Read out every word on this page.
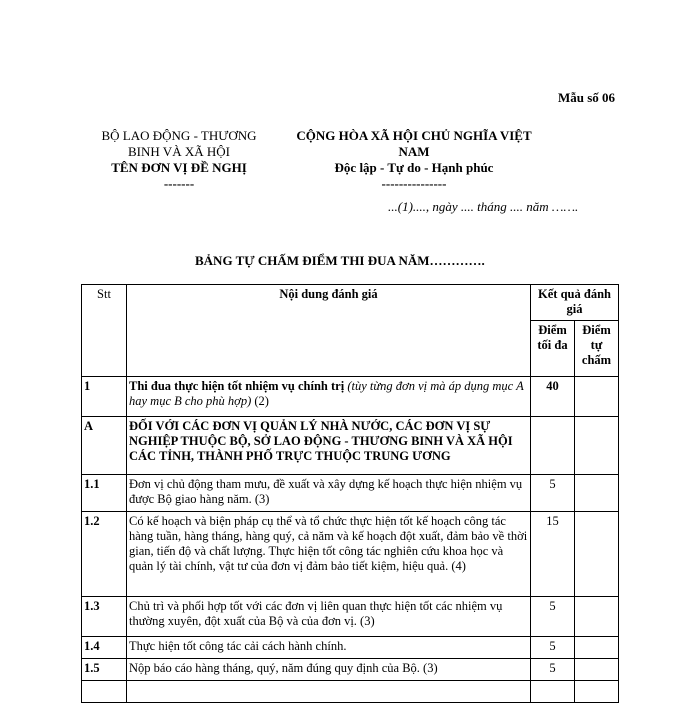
Mẫu số 06
BỘ LAO ĐỘNG - THƯƠNG
BINH VÀ XÃ HỘI
TÊN ĐƠN VỊ ĐỀ NGHỊ
-------
CỘNG HÒA XÃ HỘI CHỦ NGHĨA VIỆT NAM
Độc lập - Tự do - Hạnh phúc
---------------
...(1)...., ngày .... tháng .... năm …….
BẢNG TỰ CHẤM ĐIỂM THI ĐUA NĂM………….
Stt	Nội dung đánh giá	Kết quả đánh giá	
		Điểm tối đa	Điểm tự chấm
1	Thi đua thực hiện tốt nhiệm vụ chính trị (tùy từng đơn vị mà áp dụng mục A hay mục B cho phù hợp) (2)	40	
A	ĐỐI VỚI CÁC ĐƠN VỊ QUẢN LÝ NHÀ NƯỚC, CÁC ĐƠN VỊ SỰ NGHIỆP THUỘC BỘ, SỞ LAO ĐỘNG - THƯƠNG BINH VÀ XÃ HỘI CÁC TỈNH, THÀNH PHỐ TRỰC THUỘC TRUNG ƯƠNG		
1.1	Đơn vị chủ động tham mưu, đề xuất và xây dựng kế hoạch thực hiện nhiệm vụ được Bộ giao hàng năm. (3)	5	
1.2	Có kế hoạch và biện pháp cụ thể và tổ chức thực hiện tốt kế hoạch công tác hàng tuần, hàng tháng, hàng quý, cả năm và kế hoạch đột xuất, đảm bảo về thời gian, tiến độ và chất lượng. Thực hiện tốt công tác nghiên cứu khoa học và quản lý tài chính, vật tư của đơn vị đảm bảo tiết kiệm, hiệu quả. (4)	15	
1.3	Chủ trì và phối hợp tốt với các đơn vị liên quan thực hiện tốt các nhiệm vụ thường xuyên, đột xuất của Bộ và của đơn vị. (3)	5	
1.4	Thực hiện tốt công tác cải cách hành chính.	5	
1.5	Nộp báo cáo hàng tháng, quý, năm đúng quy định của Bộ. (3)	5	
